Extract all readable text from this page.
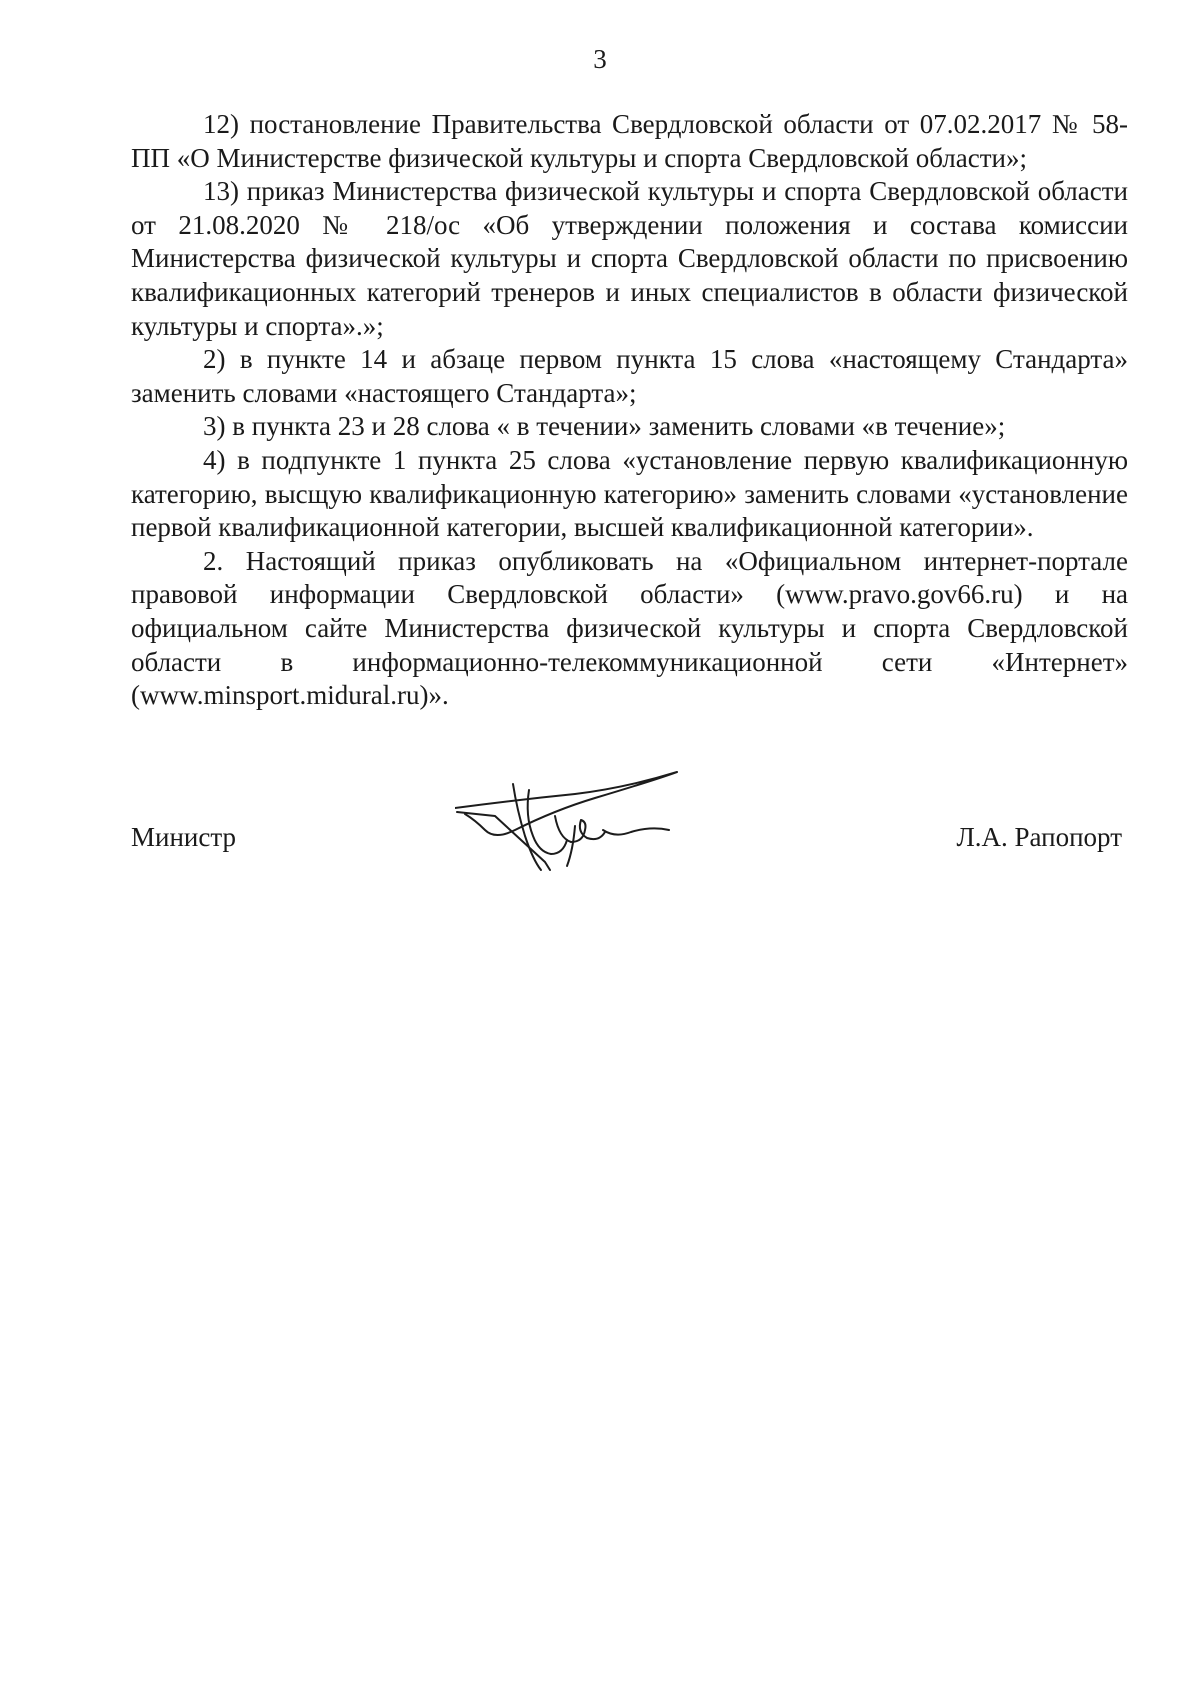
3

12) постановление Правительства Свердловской области от 07.02.2017 № 58-ПП «О Министерстве физической культуры и спорта Свердловской области»;

13) приказ Министерства физической культуры и спорта Свердловской области от 21.08.2020 № 218/ос «Об утверждении положения и состава комиссии Министерства физической культуры и спорта Свердловской области по присвоению квалификационных категорий тренеров и иных специалистов в области физической культуры и спорта».»;

2) в пункте 14 и абзаце первом пункта 15 слова «настоящему Стандарта» заменить словами «настоящего Стандарта»;

3) в пункта 23 и 28 слова « в течении» заменить словами «в течение»;

4) в подпункте 1 пункта 25 слова «установление первую квалификационную категорию, высщую квалификационную категорию» заменить словами «установление первой квалификационной категории, высшей квалификационной категории».

2. Настоящий приказ опубликовать на «Официальном интернет-портале правовой информации Свердловской области» (www.pravo.gov66.ru) и на официальном сайте Министерства физической культуры и спорта Свердловской области в информационно-телекоммуникационной сети «Интернет» (www.minsport.midural.ru)».

Министр	Л.А. Рапопорт
